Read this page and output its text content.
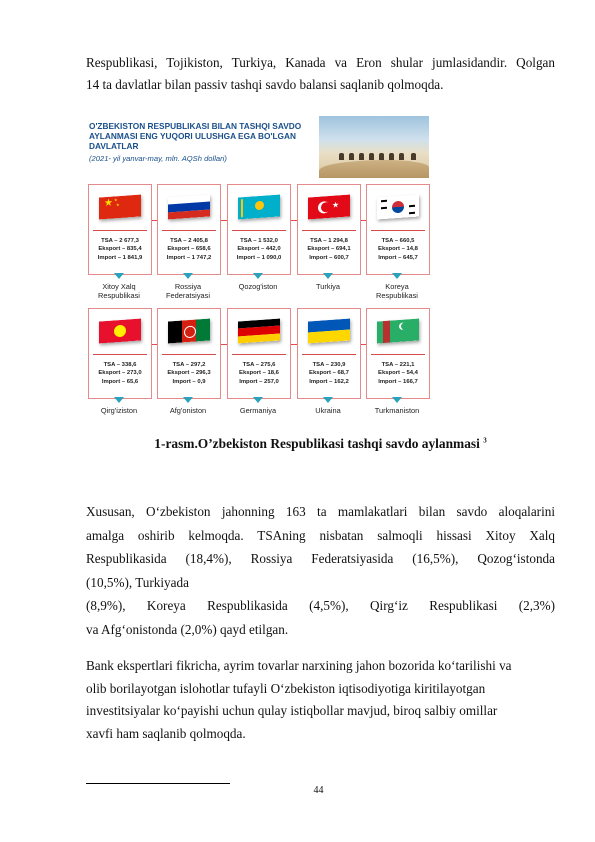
Respublikasi, Tojikiston, Turkiya, Kanada va Eron shular jumlasidandir. Qolgan
14 ta davlatlar bilan passiv tashqi savdo balansi saqlanib qolmoqda.
O'ZBEKISTON RESPUBLIKASI BILAN TASHQI SAVDO AYLANMASI ENG YUQORI ULUSHGA EGA BO'LGAN DAVLATLAR
(2021- yil yanvar-may, mln. AQSh dollari)
★ ★
★
TSA – 2 677,3
Eksport – 835,4
Import – 1 841,9
Xitoy Xalq Respublikasi
TSA – 2 405,8
Eksport – 658,6
Import – 1 747,2
Rossiya Federatsiyasi
TSA – 1 532,0
Eksport – 442,0
Import – 1 090,0
Qozog'iston
★
TSA – 1 294,8
Eksport – 694,1
Import – 600,7
Turkiya
TSA – 660,5
Eksport – 14,8
Import – 645,7
Koreya Respublikasi
TSA – 338,6
Eksport – 273,0
Import – 65,6
Qirg'iziston
TSA – 297,2
Eksport – 296,3
Import – 0,9
Afg'oniston
TSA – 275,6
Eksport – 18,6
Import – 257,0
Germaniya
TSA – 230,9
Eksport – 68,7
Import – 162,2
Ukraina
TSA – 221,1
Eksport – 54,4
Import – 166,7
Turkmaniston
1-rasm.O’zbekiston Respublikasi tashqi savdo aylanmasi $^3$
Xususan, O‘zbekiston jahonning 163 ta mamlakatlari bilan savdo aloqalarini
amalga oshirib kelmoqda. TSAning nisbatan salmoqli hissasi Xitoy Xalq
Respublikasida (18,4%), Rossiya Federatsiyasida (16,5%), Qozog‘istonda
(10,5%), Turkiyada
(8,9%), Koreya Respublikasida (4,5%), Qirg‘iz Respublikasi (2,3%)
va Afg‘onistonda (2,0%) qayd etilgan.
Bank ekspertlari fikricha, ayrim tovarlar narxining jahon bozorida ko‘tarilishi va
olib borilayotgan islohotlar tufayli O‘zbekiston iqtisodiyotiga kiritilayotgan
investitsiyalar ko‘payishi uchun qulay istiqbollar mavjud, biroq salbiy omillar
xavfi ham saqlanib qolmoqda.
44
